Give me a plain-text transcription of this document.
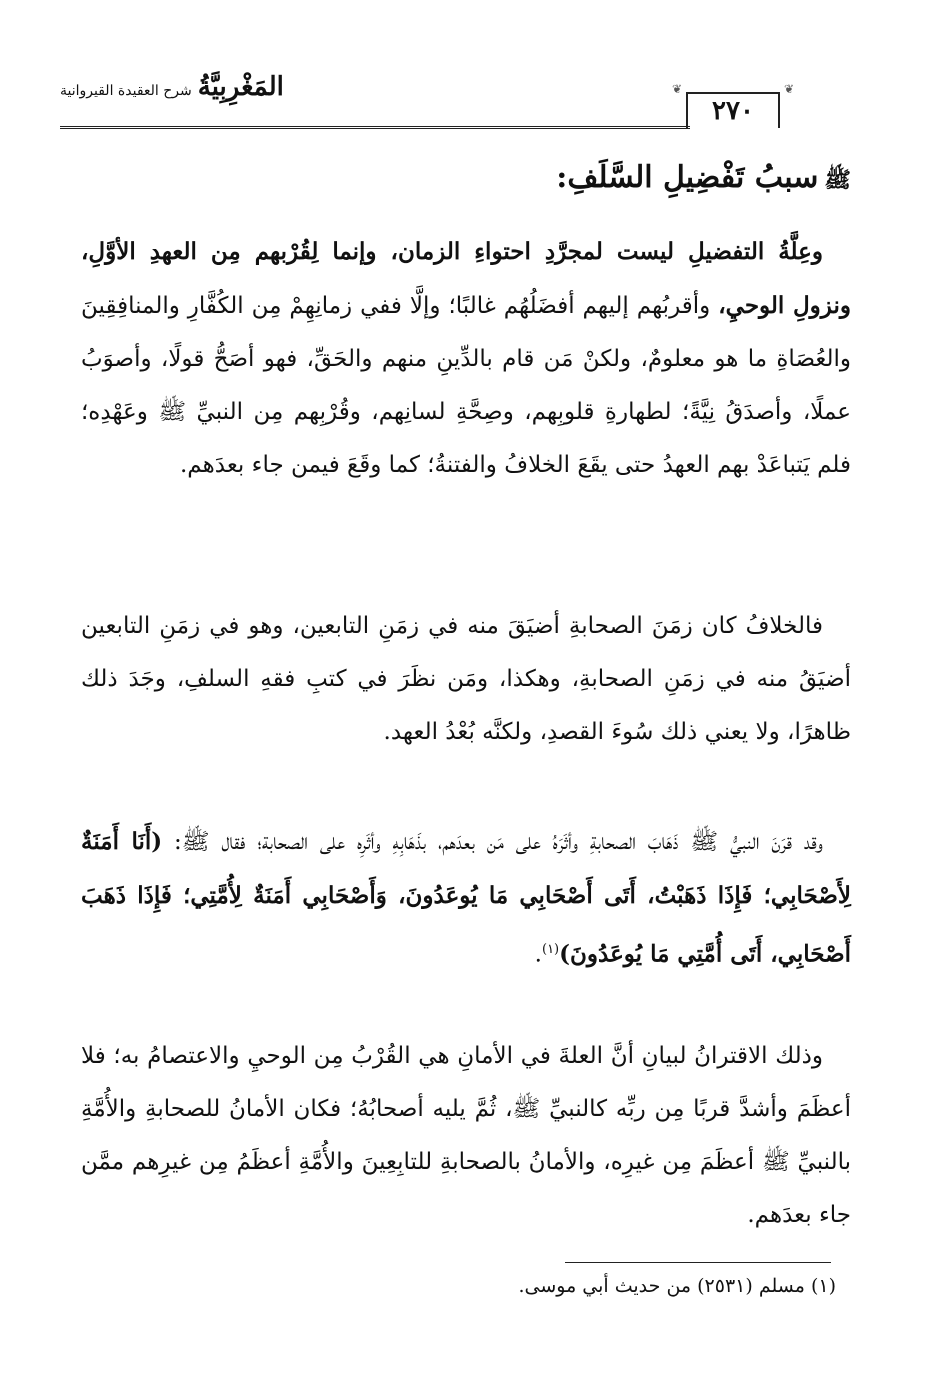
المَغْرِبِيَّةُشرح العقيدة القيروانية	❦	❦
٢٧٠
ﷺسببُ تَفْضِيلِ السَّلَفِ:
وعِلَّةُ التفضيلِ ليست لمجرَّدِ احتواءِ الزمان، وإنما لِقُرْبهم مِن العهدِ الأوَّلِ، ونزولِ الوحيِ، وأقربُهم إليهم أفضَلُهُم غالبًا؛ وإلَّا ففي زمانِهِمْ مِن الكُفَّارِ والمنافِقِينَ والعُصَاةِ ما هو معلومٌ، ولكنْ مَن قام بالدِّينِ منهم والحَقِّ، فهو أصَحُّ قولًا، وأصوَبُ عملًا، وأصدَقُ نِيَّةً؛ لطهارةِ قلوبِهم، وصِحَّةِ لسانِهم، وقُرْبِهم مِن النبيِّ ﷺ وعَهْدِه؛ فلم يَتباعَدْ بهم العهدُ حتى يقَعَ الخلافُ والفتنةُ؛ كما وقَعَ فيمن جاء بعدَهم.
فالخلافُ كان زمَنَ الصحابةِ أضيَقَ منه في زمَنِ التابعين، وهو في زمَنِ التابعين أضيَقُ منه في زمَنِ الصحابةِ، وهكذا، ومَن نظَرَ في كتبِ فقهِ السلفِ، وجَدَ ذلك ظاهرًا، ولا يعني ذلك سُوءَ القصدِ، ولكنَّه بُعْدُ العهد.
وقد قرَنَ النبيُّ ﷺ ذَهَابَ الصحابةِ وأثَرَهُ على مَن بعدَهم، بذَهَابِهِ وأثَرِه على الصحابة؛ فقال ﷺ: (أَنَا أَمَنَةٌ لِأَصْحَابِي؛ فَإِذَا ذَهَبْتُ، أَتَى أَصْحَابِي مَا يُوعَدُونَ، وَأَصْحَابِي أَمَنَةٌ لِأُمَّتِي؛ فَإِذَا ذَهَبَ أَصْحَابِي، أَتَى أُمَّتِي مَا يُوعَدُونَ)$^{(١)}$.
وذلك الاقترانُ لبيانِ أنَّ العلةَ في الأمانِ هي القُرْبُ مِن الوحيِ والاعتصامُ به؛ فلا أعظَمَ وأشدَّ قربًا مِن ربِّه كالنبيِّ ﷺ، ثُمَّ يليه أصحابُهُ؛ فكان الأمانُ للصحابةِ والأُمَّةِ بالنبيِّ ﷺ أعظَمَ مِن غيرِه، والأمانُ بالصحابةِ للتابِعِينَ والأُمَّةِ أعظَمُ مِن غيرِهم ممَّن جاء بعدَهم.
(١) مسلم (٢٥٣١) من حديث أبي موسى.
